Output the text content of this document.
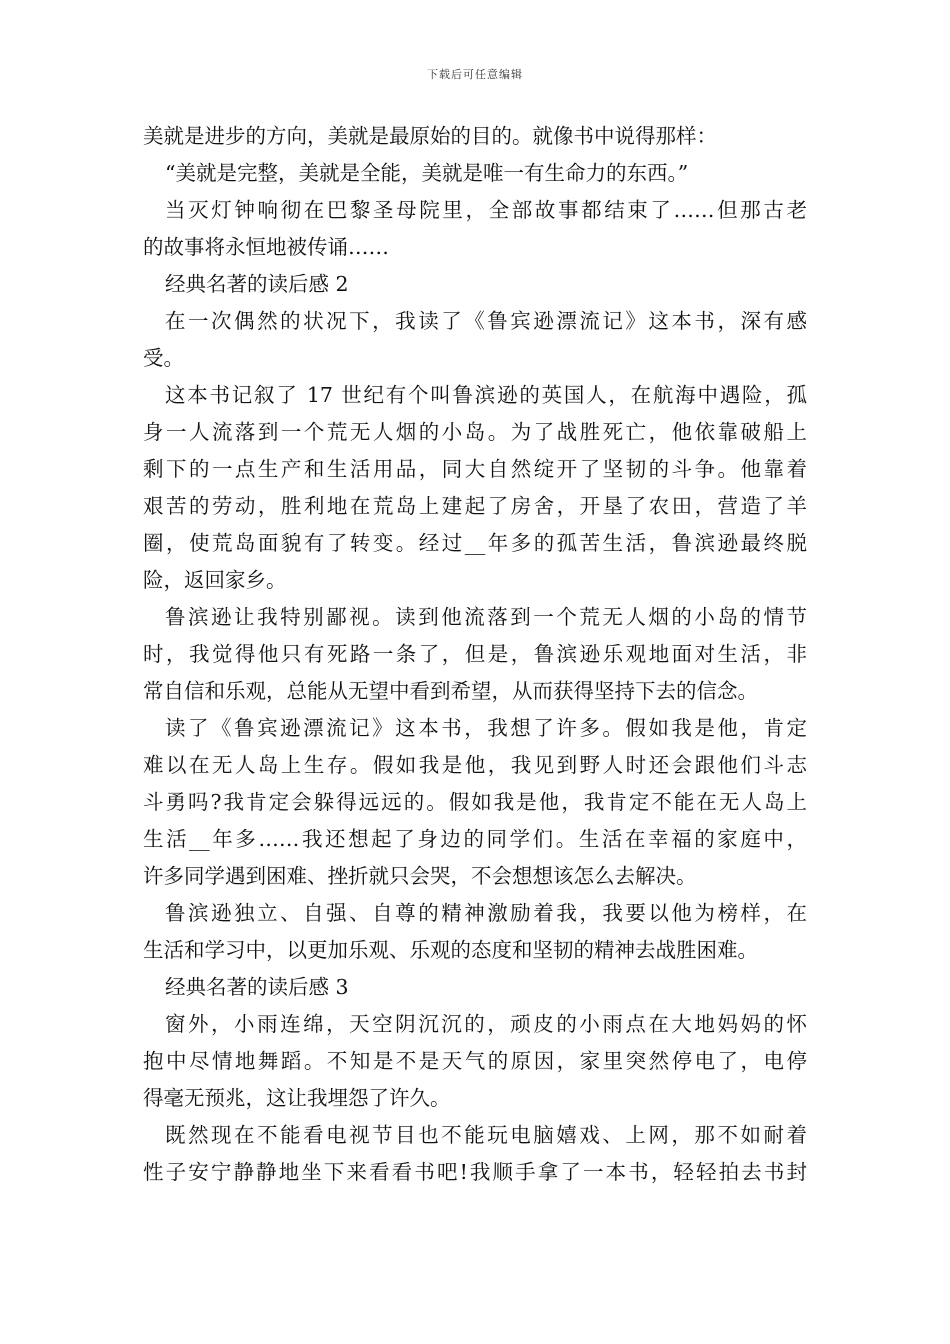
下载后可任意编辑
美就是进步的方向，美就是最原始的目的。就像书中说得那样：
“美就是完整，美就是全能，美就是唯一有生命力的东西。”
当灭灯钟响彻在巴黎圣母院里，全部故事都结束了……但那古老
的故事将永恒地被传诵……
经典名著的读后感 2
在一次偶然的状况下，我读了《鲁宾逊漂流记》这本书，深有感
受。
这本书记叙了 17 世纪有个叫鲁滨逊的英国人，在航海中遇险，孤
身一人流落到一个荒无人烟的小岛。为了战胜死亡，他依靠破船上
剩下的一点生产和生活用品，同大自然绽开了坚韧的斗争。他靠着
艰苦的劳动，胜利地在荒岛上建起了房舍，开垦了农田，营造了羊
圈，使荒岛面貌有了转变。经过__年多的孤苦生活，鲁滨逊最终脱
险，返回家乡。
鲁滨逊让我特别鄙视。读到他流落到一个荒无人烟的小岛的情节
时，我觉得他只有死路一条了，但是，鲁滨逊乐观地面对生活，非
常自信和乐观，总能从无望中看到希望，从而获得坚持下去的信念。
读了《鲁宾逊漂流记》这本书，我想了许多。假如我是他，肯定
难以在无人岛上生存。假如我是他，我见到野人时还会跟他们斗志
斗勇吗?我肯定会躲得远远的。假如我是他，我肯定不能在无人岛上
生活__年多……我还想起了身边的同学们。生活在幸福的家庭中，
许多同学遇到困难、挫折就只会哭，不会想想该怎么去解决。
鲁滨逊独立、自强、自尊的精神激励着我，我要以他为榜样，在
生活和学习中，以更加乐观、乐观的态度和坚韧的精神去战胜困难。
经典名著的读后感 3
窗外，小雨连绵，天空阴沉沉的，顽皮的小雨点在大地妈妈的怀
抱中尽情地舞蹈。不知是不是天气的原因，家里突然停电了，电停
得毫无预兆，这让我埋怨了许久。
既然现在不能看电视节目也不能玩电脑嬉戏、上网，那不如耐着
性子安宁静静地坐下来看看书吧!我顺手拿了一本书，轻轻拍去书封
